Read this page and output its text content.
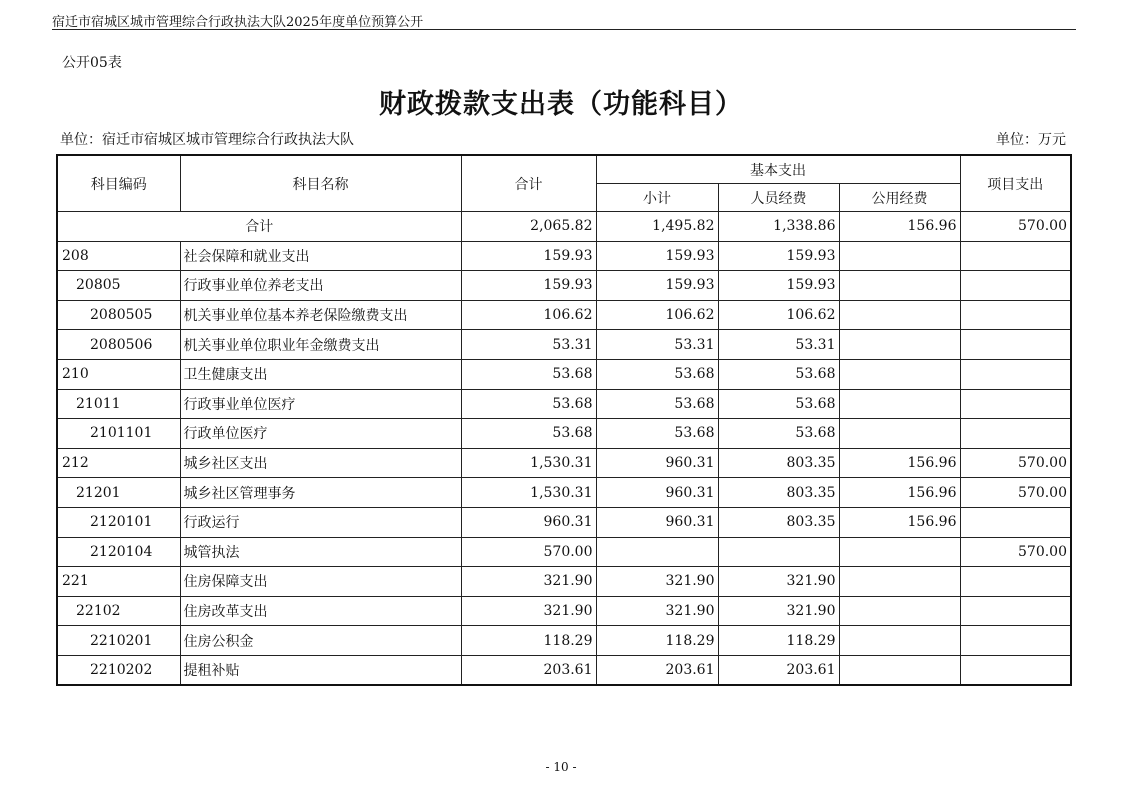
宿迁市宿城区城市管理综合行政执法大队2025年度单位预算公开
公开05表
财政拨款支出表（功能科目）
单位：宿迁市宿城区城市管理综合行政执法大队	单位：万元
科目编码	科目名称	合计	基本支出			项目支出
			小计	人员经费	公用经费	
合计		2,065.82	1,495.82	1,338.86	156.96	570.00
208	社会保障和就业支出	159.93	159.93	159.93		
20805	行政事业单位养老支出	159.93	159.93	159.93		
2080505	机关事业单位基本养老保险缴费支出	106.62	106.62	106.62		
2080506	机关事业单位职业年金缴费支出	53.31	53.31	53.31		
210	卫生健康支出	53.68	53.68	53.68		
21011	行政事业单位医疗	53.68	53.68	53.68		
2101101	行政单位医疗	53.68	53.68	53.68		
212	城乡社区支出	1,530.31	960.31	803.35	156.96	570.00
21201	城乡社区管理事务	1,530.31	960.31	803.35	156.96	570.00
2120101	行政运行	960.31	960.31	803.35	156.96	
2120104	城管执法	570.00				570.00
221	住房保障支出	321.90	321.90	321.90		
22102	住房改革支出	321.90	321.90	321.90		
2210201	住房公积金	118.29	118.29	118.29		
2210202	提租补贴	203.61	203.61	203.61		
- 10 -
